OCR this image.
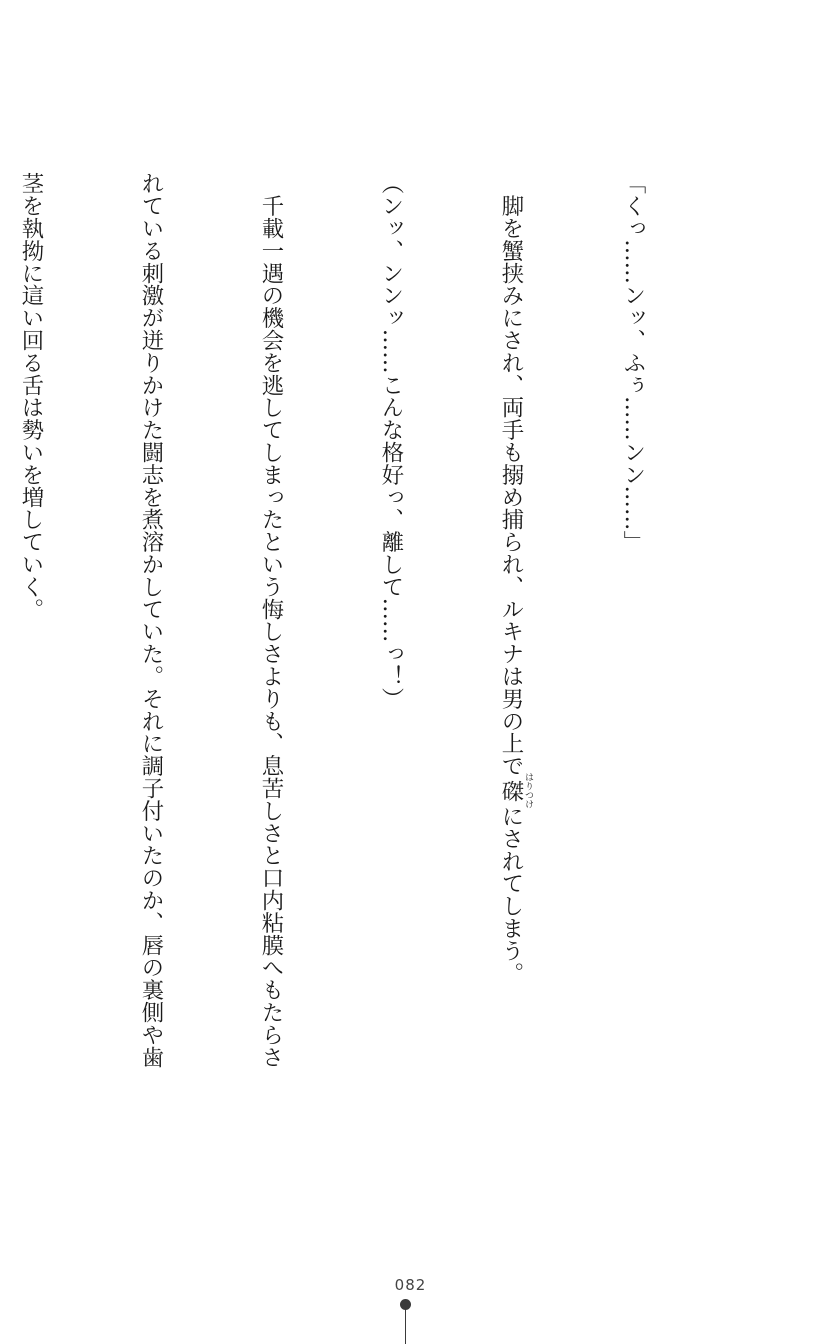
「くっ……ンッ、ふぅ……ンン……」

　脚を蟹挟みにされ、両手も搦め捕られ、ルキナは男の上で磔 はりつけにされてしまう。

（ンッ、ンンッ……こんな格好っ、離して……っ！）

　千載一遇の機会を逃してしまったという悔しさよりも、息苦しさと口内粘膜へもたらさ

れている刺激が迸りかけた闘志を煮溶かしていた。それに調子付いたのか、唇の裏側や歯

茎を執拗に這い回る舌は勢いを増していく。

082
